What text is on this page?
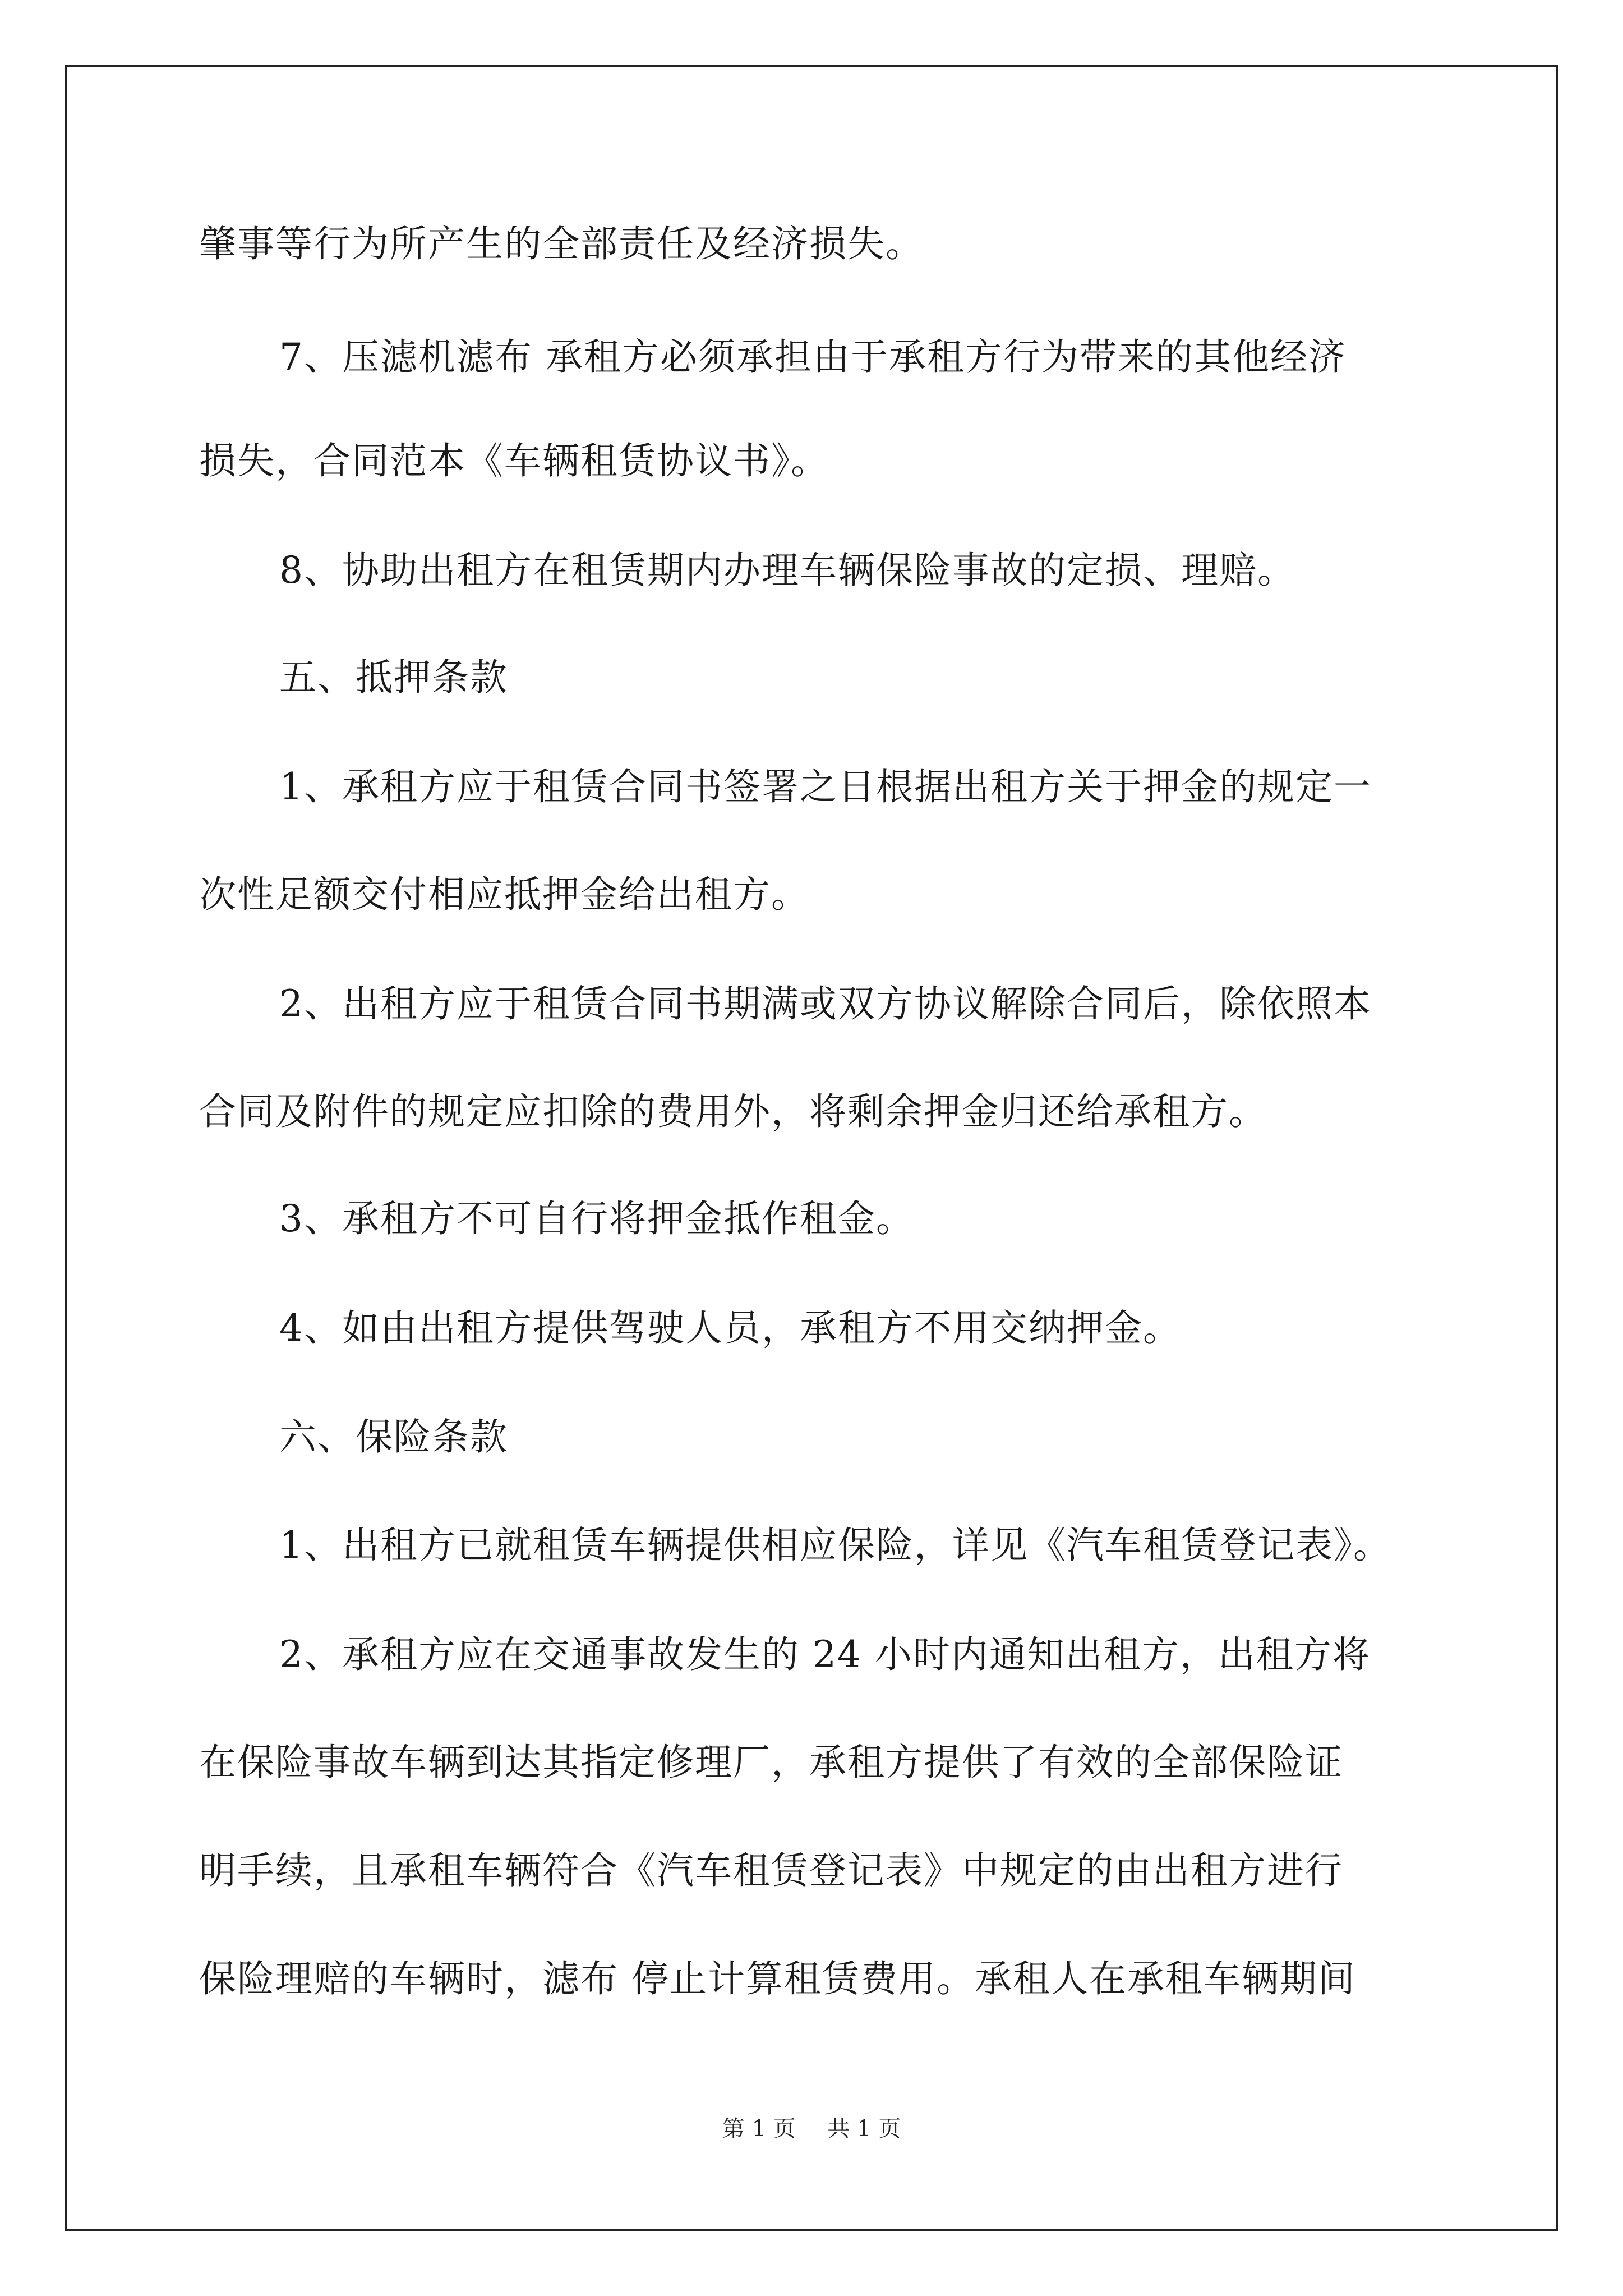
肇事等行为所产生的全部责任及经济损失。
7、压滤机滤布 承租方必须承担由于承租方行为带来的其他经济
损失，合同范本《车辆租赁协议书》。
8、协助出租方在租赁期内办理车辆保险事故的定损、理赔。
五、抵押条款
1、承租方应于租赁合同书签署之日根据出租方关于押金的规定一
次性足额交付相应抵押金给出租方。
2、出租方应于租赁合同书期满或双方协议解除合同后，除依照本
合同及附件的规定应扣除的费用外，将剩余押金归还给承租方。
3、承租方不可自行将押金抵作租金。
4、如由出租方提供驾驶人员，承租方不用交纳押金。
六、保险条款
1、出租方已就租赁车辆提供相应保险，详见《汽车租赁登记表》。
2、承租方应在交通事故发生的 24 小时内通知出租方，出租方将
在保险事故车辆到达其指定修理厂，承租方提供了有效的全部保险证
明手续，且承租车辆符合《汽车租赁登记表》中规定的由出租方进行
保险理赔的车辆时，滤布 停止计算租赁费用。承租人在承租车辆期间
第 1 页 共 1 页
